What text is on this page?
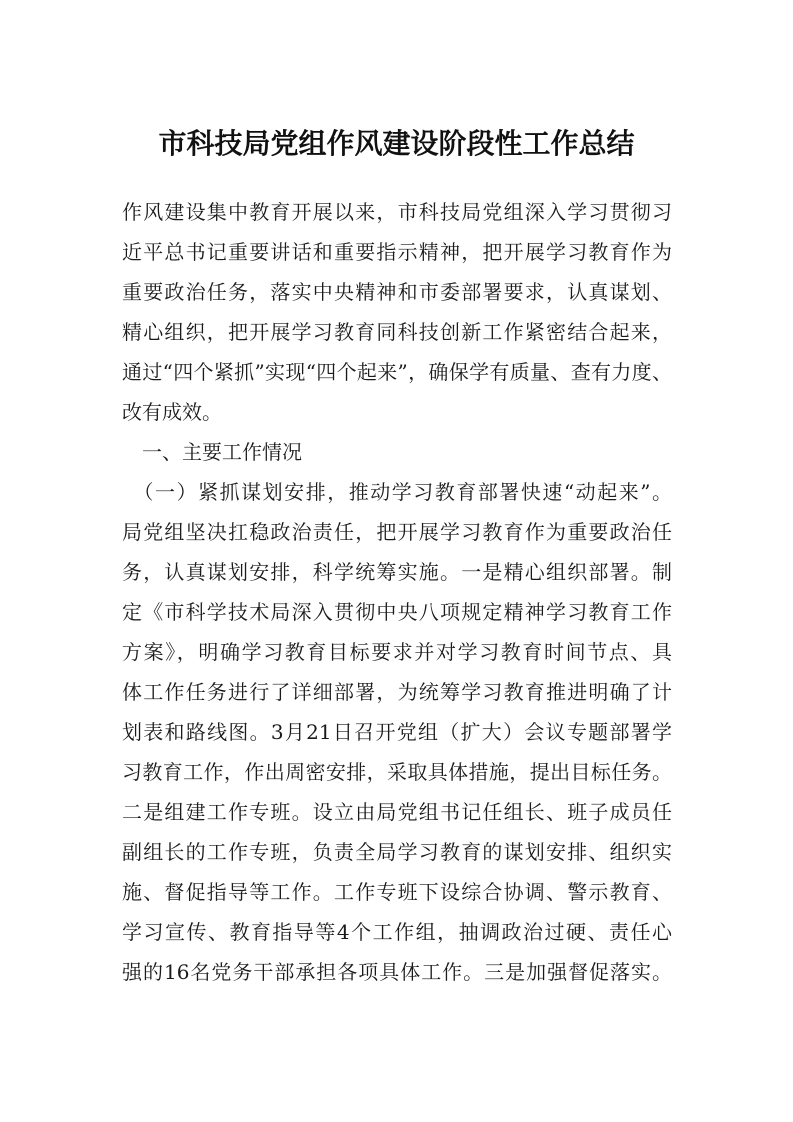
市科技局党组作风建设阶段性工作总结
作风建设集中教育开展以来，市科技局党组深入学习贯彻习
近平总书记重要讲话和重要指示精神，把开展学习教育作为
重要政治任务，落实中央精神和市委部署要求，认真谋划、
精心组织，把开展学习教育同科技创新工作紧密结合起来，
通过“四个紧抓”实现“四个起来”，确保学有质量、查有力度、
改有成效。
　一、主要工作情况
　（一）紧抓谋划安排，推动学习教育部署快速“动起来”。
局党组坚决扛稳政治责任，把开展学习教育作为重要政治任
务，认真谋划安排，科学统筹实施。一是精心组织部署。制
定《市科学技术局深入贯彻中央八项规定精神学习教育工作
方案》，明确学习教育目标要求并对学习教育时间节点、具
体工作任务进行了详细部署，为统筹学习教育推进明确了计
划表和路线图。3月21日召开党组（扩大）会议专题部署学
习教育工作，作出周密安排，采取具体措施，提出目标任务。
二是组建工作专班。设立由局党组书记任组长、班子成员任
副组长的工作专班，负责全局学习教育的谋划安排、组织实
施、督促指导等工作。工作专班下设综合协调、警示教育、
学习宣传、教育指导等4个工作组，抽调政治过硬、责任心
强的16名党务干部承担各项具体工作。三是加强督促落实。
